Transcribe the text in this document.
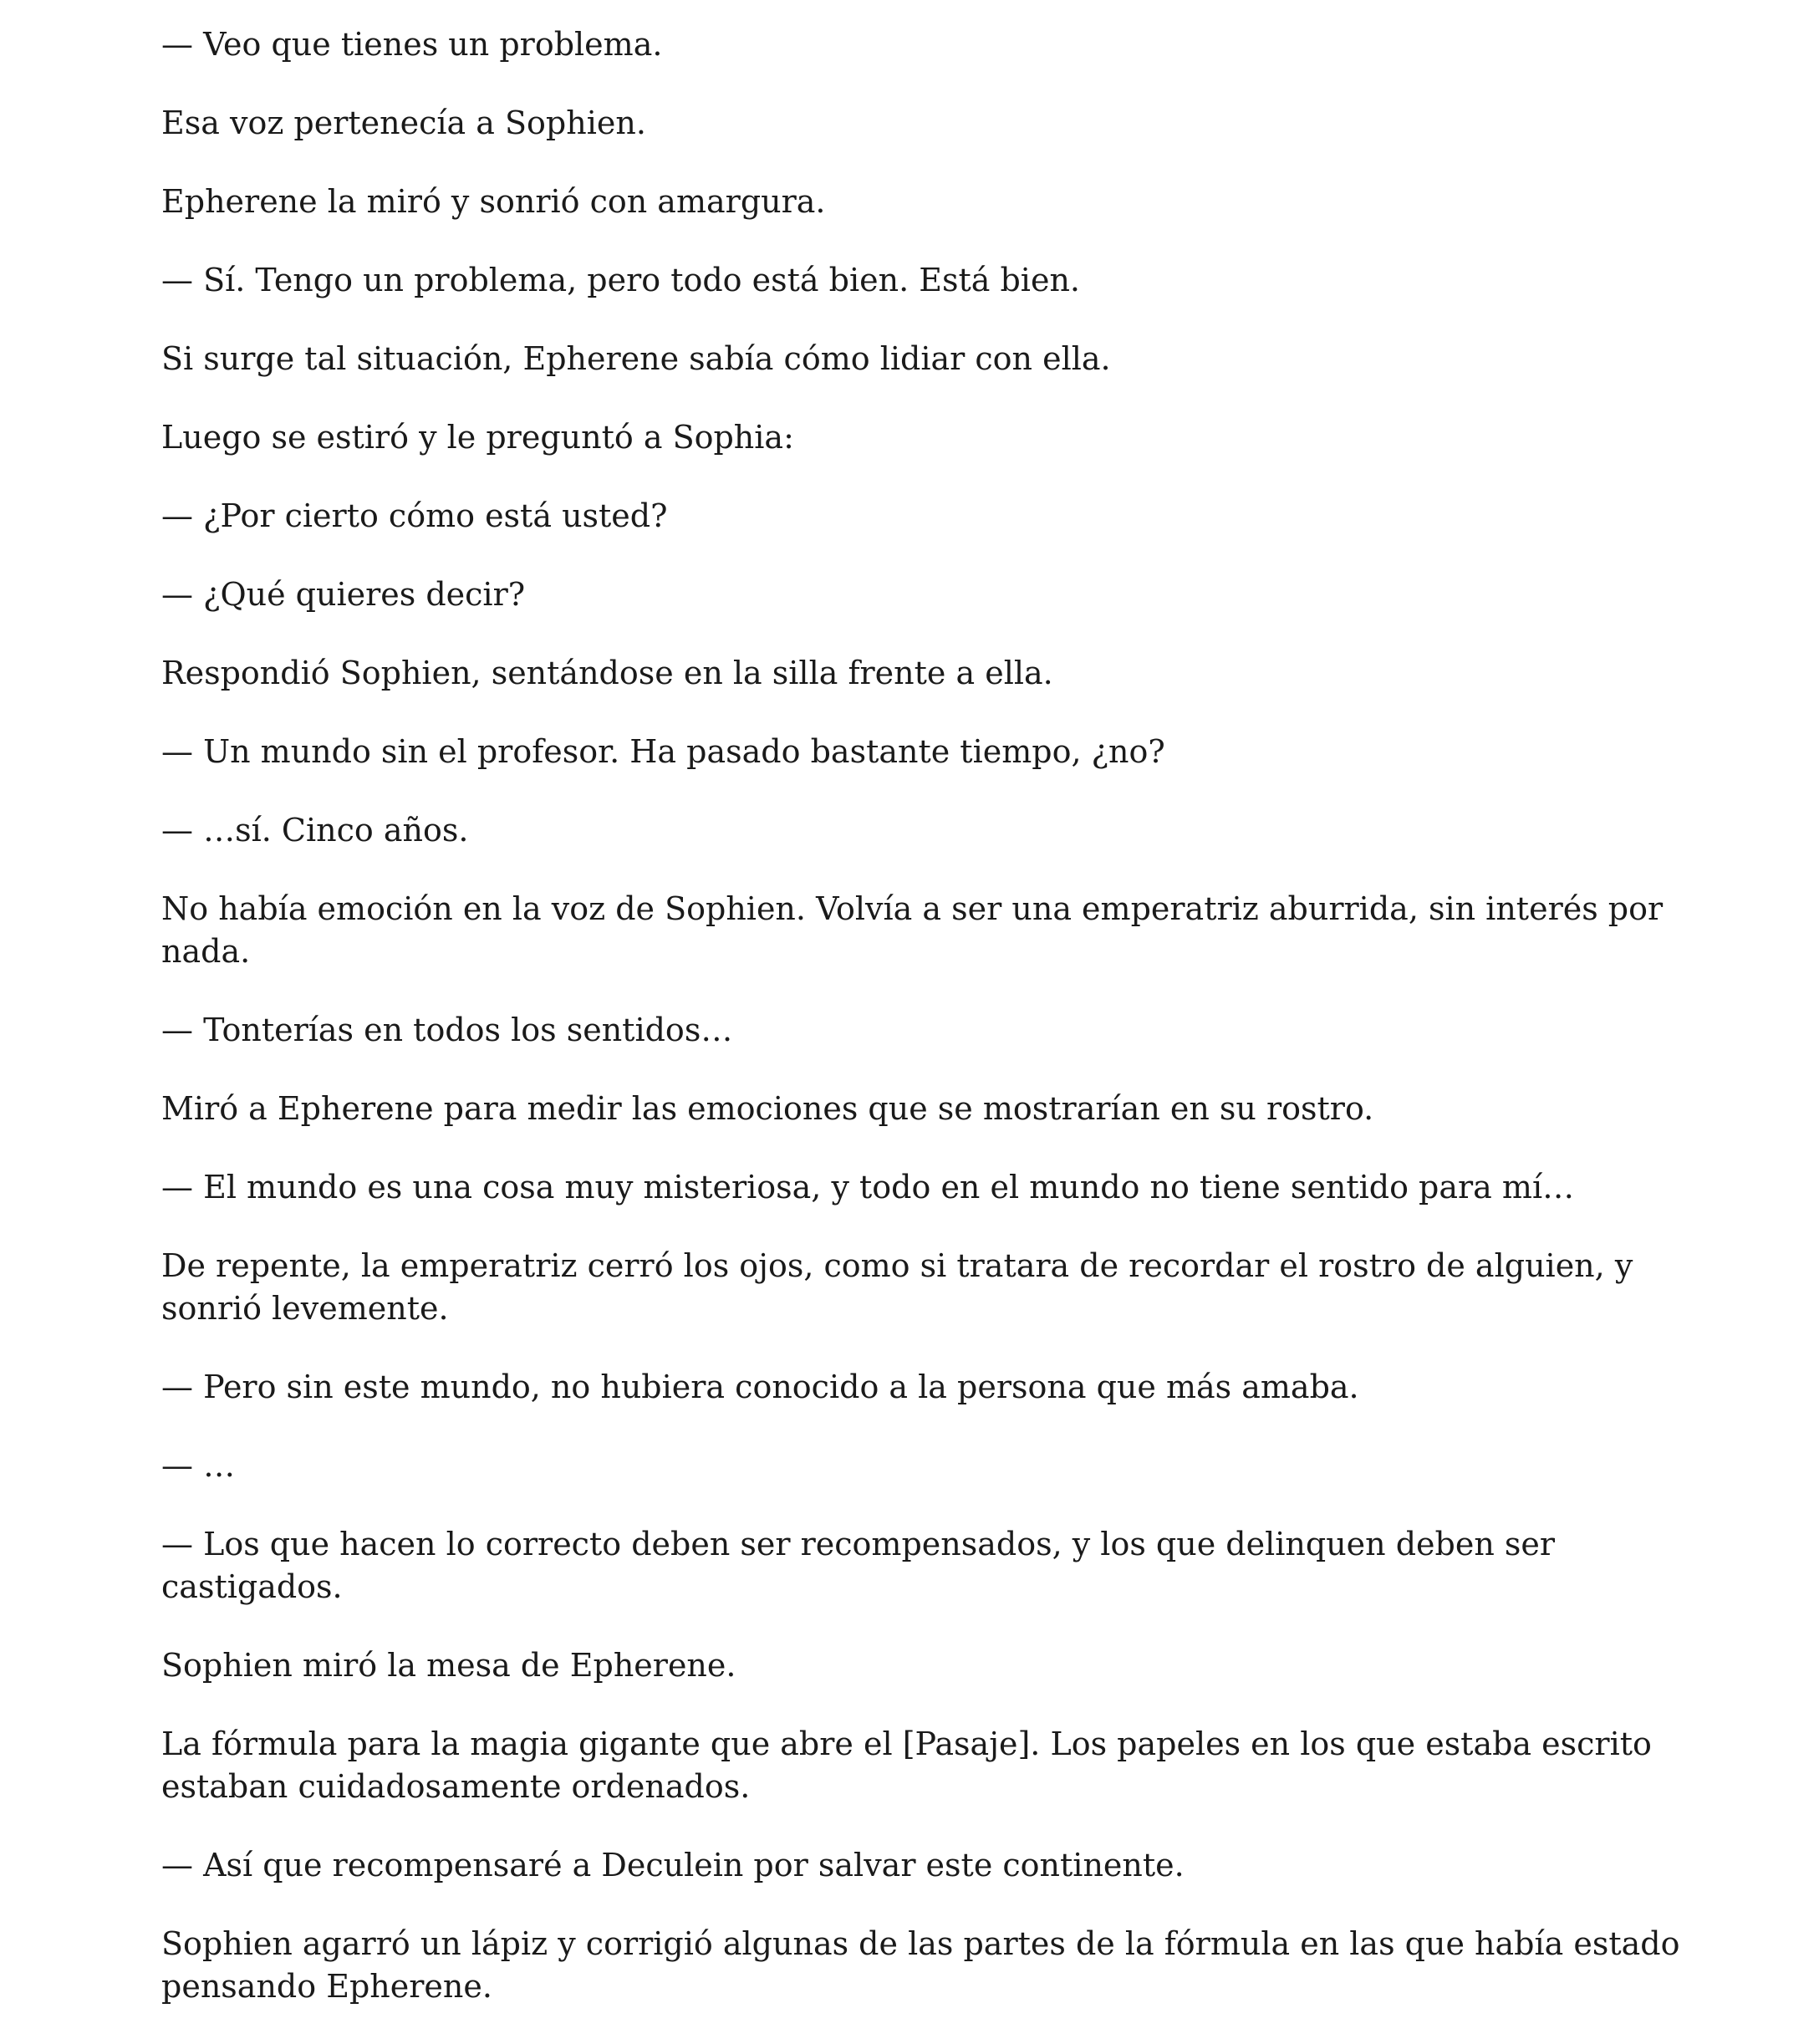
— Veo que tienes un problema.

Esa voz pertenecía a Sophien.

Epherene la miró y sonrió con amargura.

— Sí. Tengo un problema, pero todo está bien. Está bien.

Si surge tal situación, Epherene sabía cómo lidiar con ella.

Luego se estiró y le preguntó a Sophia:

— ¿Por cierto cómo está usted?

— ¿Qué quieres decir?

Respondió Sophien, sentándose en la silla frente a ella.

— Un mundo sin el profesor. Ha pasado bastante tiempo, ¿no?

— …sí. Cinco años.

No había emoción en la voz de Sophien. Volvía a ser una emperatriz aburrida, sin interés por nada.

— Tonterías en todos los sentidos…

Miró a Epherene para medir las emociones que se mostrarían en su rostro.

— El mundo es una cosa muy misteriosa, y todo en el mundo no tiene sentido para mí…

De repente, la emperatriz cerró los ojos, como si tratara de recordar el rostro de alguien, y sonrió levemente.

— Pero sin este mundo, no hubiera conocido a la persona que más amaba.

— …

— Los que hacen lo correcto deben ser recompensados, y los que delinquen deben ser castigados.

Sophien miró la mesa de Epherene.

La fórmula para la magia gigante que abre el [Pasaje]. Los papeles en los que estaba escrito estaban cuidadosamente ordenados.

— Así que recompensaré a Deculein por salvar este continente.

Sophien agarró un lápiz y corrigió algunas de las partes de la fórmula en las que había estado pensando Epherene.
